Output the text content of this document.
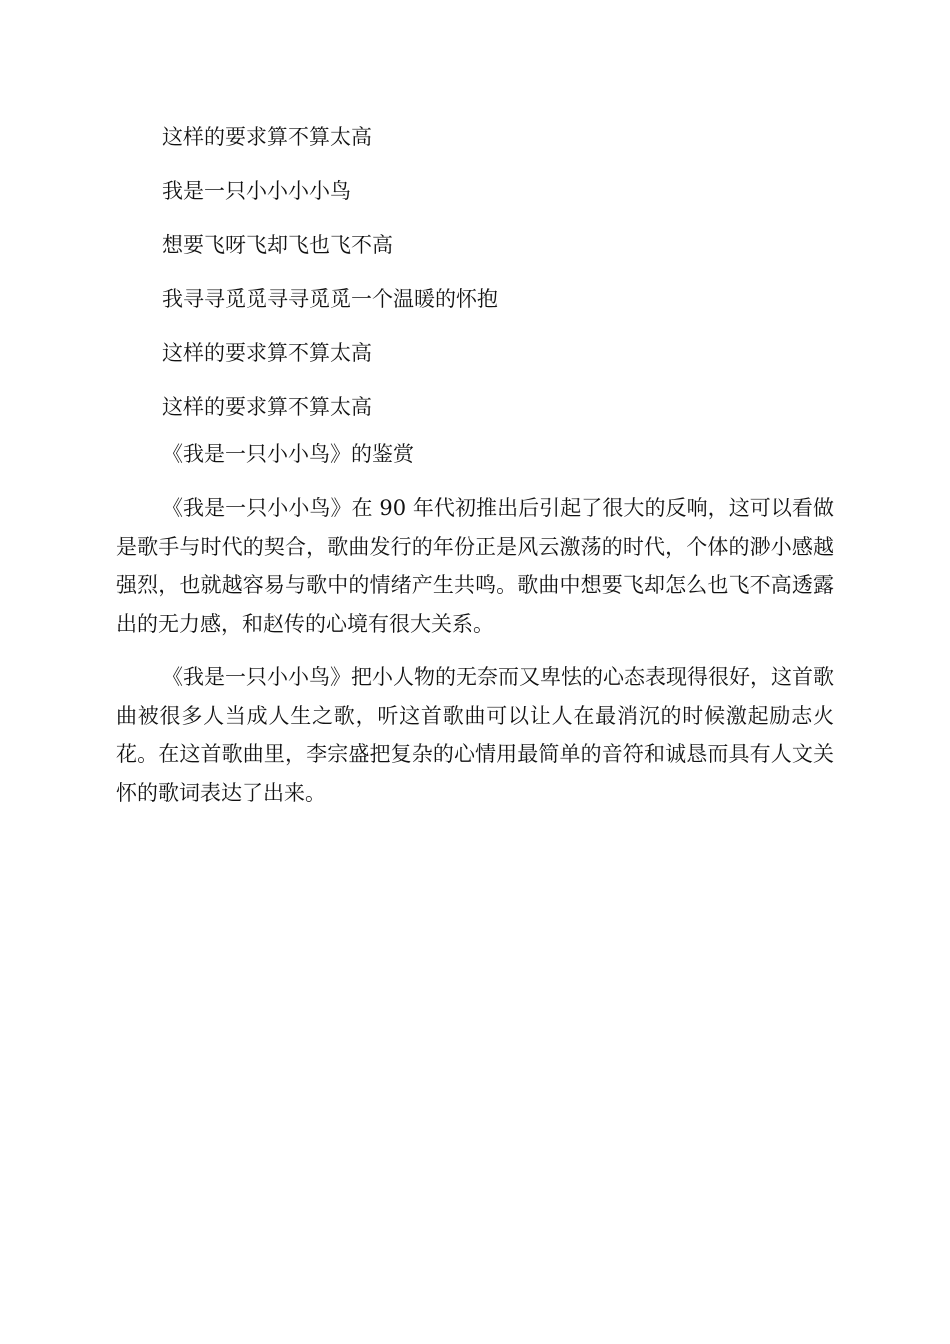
这样的要求算不算太高
我是一只小小小小鸟
想要飞呀飞却飞也飞不高
我寻寻觅觅寻寻觅觅一个温暖的怀抱
这样的要求算不算太高
这样的要求算不算太高
《我是一只小小鸟》的鉴赏

《我是一只小小鸟》在 90 年代初推出后引起了很大的反响，这可以看做是歌手与时代的契合，歌曲发行的年份正是风云激荡的时代，个体的渺小感越强烈，也就越容易与歌中的情绪产生共鸣。歌曲中想要飞却怎么也飞不高透露出的无力感，和赵传的心境有很大关系。

《我是一只小小鸟》把小人物的无奈而又卑怯的心态表现得很好，这首歌曲被很多人当成人生之歌，听这首歌曲可以让人在最消沉的时候激起励志火花。在这首歌曲里，李宗盛把复杂的心情用最简单的音符和诚恳而具有人文关怀的歌词表达了出来。
